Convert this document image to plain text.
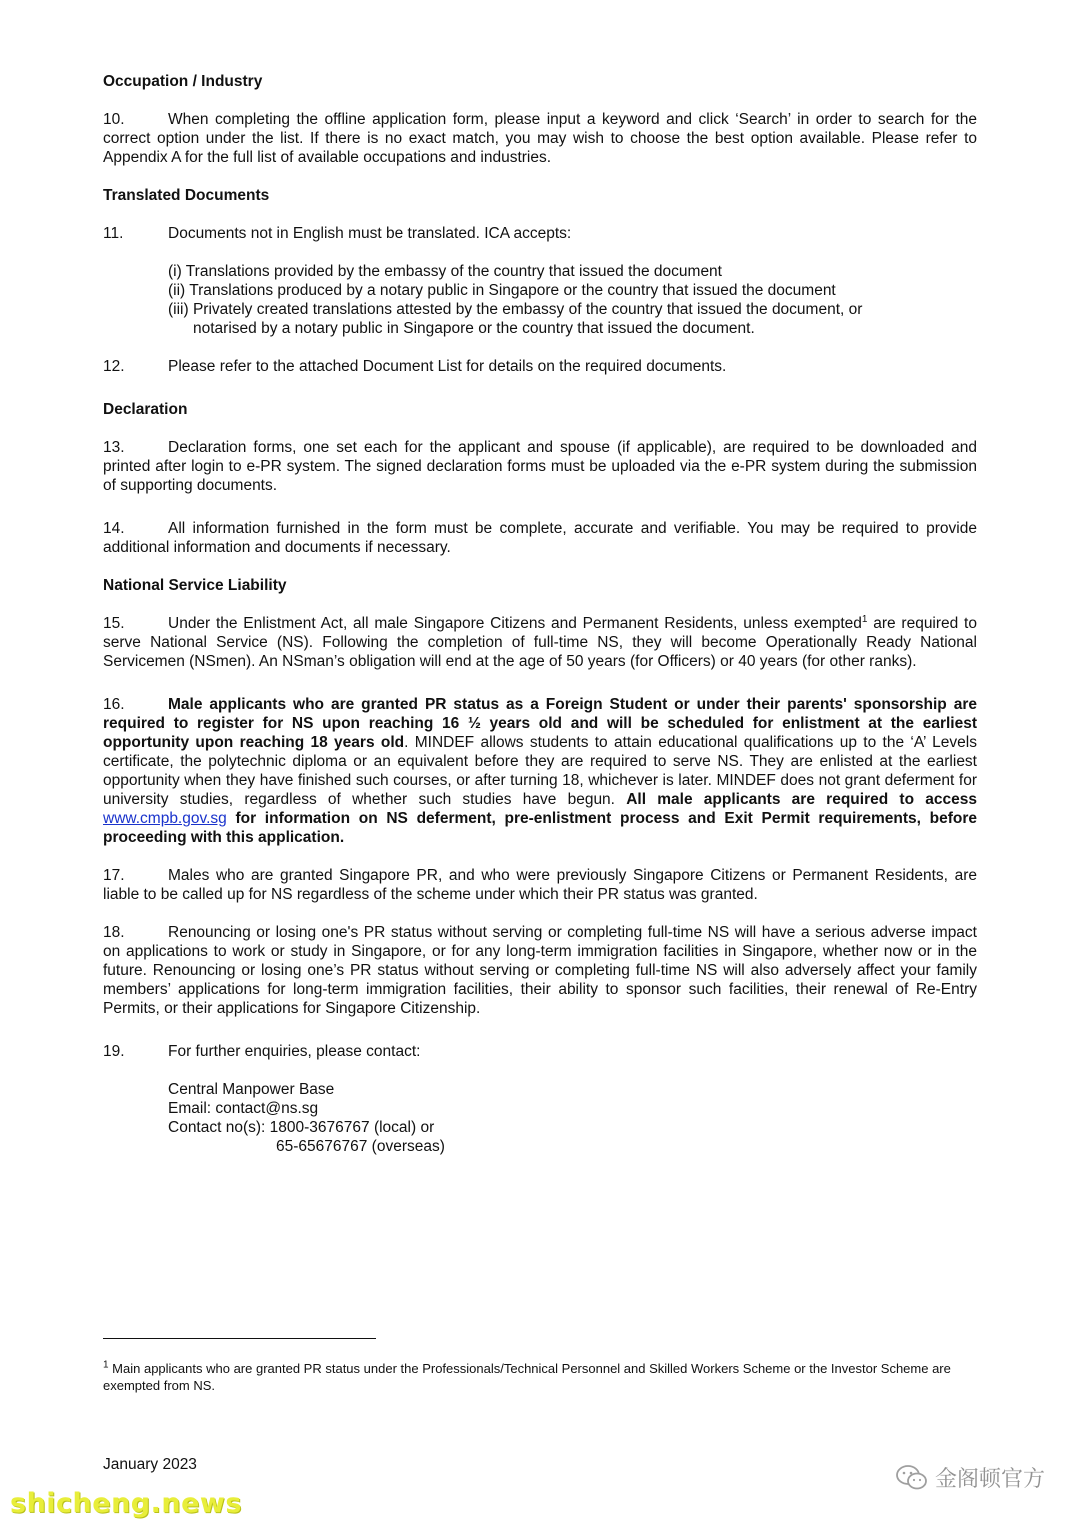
Occupation / Industry
10.	When completing the offline application form, please input a keyword and click ‘Search’ in order to search for the correct option under the list. If there is no exact match, you may wish to choose the best option available. Please refer to Appendix A for the full list of available occupations and industries.
Translated Documents
11.	Documents not in English must be translated. ICA accepts:
(i) Translations provided by the embassy of the country that issued the document
(ii) Translations produced by a notary public in Singapore or the country that issued the document
(iii) Privately created translations attested by the embassy of the country that issued the document, or
notarised by a notary public in Singapore or the country that issued the document.
12.	Please refer to the attached Document List for details on the required documents.
Declaration
13.	Declaration forms, one set each for the applicant and spouse (if applicable), are required to be downloaded and printed after login to e-PR system. The signed declaration forms must be uploaded via the e-PR system during the submission of supporting documents.
14.	All information furnished in the form must be complete, accurate and verifiable. You may be required to provide additional information and documents if necessary.
National Service Liability
15.	Under the Enlistment Act, all male Singapore Citizens and Permanent Residents, unless exempted$^1$ are required to serve National Service (NS). Following the completion of full-time NS, they will become Operationally Ready National Servicemen (NSmen). An NSman’s obligation will end at the age of 50 years (for Officers) or 40 years (for other ranks).
16.	Male applicants who are granted PR status as a Foreign Student or under their parents' sponsorship are required to register for NS upon reaching 16 ½ years old and will be scheduled for enlistment at the earliest opportunity upon reaching 18 years old. MINDEF allows students to attain educational qualifications up to the ‘A’ Levels certificate, the polytechnic diploma or an equivalent before they are required to serve NS. They are enlisted at the earliest opportunity when they have finished such courses, or after turning 18, whichever is later. MINDEF does not grant deferment for university studies, regardless of whether such studies have begun. All male applicants are required to access www.cmpb.gov.sg for information on NS deferment, pre-enlistment process and Exit Permit requirements, before proceeding with this application.
17.	Males who are granted Singapore PR, and who were previously Singapore Citizens or Permanent Residents, are liable to be called up for NS regardless of the scheme under which their PR status was granted.
18.	Renouncing or losing one's PR status without serving or completing full-time NS will have a serious adverse impact on applications to work or study in Singapore, or for any long-term immigration facilities in Singapore, whether now or in the future. Renouncing or losing one’s PR status without serving or completing full-time NS will also adversely affect your family members’ applications for long-term immigration facilities, their ability to sponsor such facilities, their renewal of Re-Entry Permits, or their applications for Singapore Citizenship.
19.	For further enquiries, please contact:
Central Manpower Base
Email: contact@ns.sg
Contact no(s): 1800-3676767 (local) or
65-65676767 (overseas)
$^1$ Main applicants who are granted PR status under the Professionals/Technical Personnel and Skilled Workers Scheme or the Investor Scheme are exempted from NS.
January 2023
金阁顿官方
shicheng.news
